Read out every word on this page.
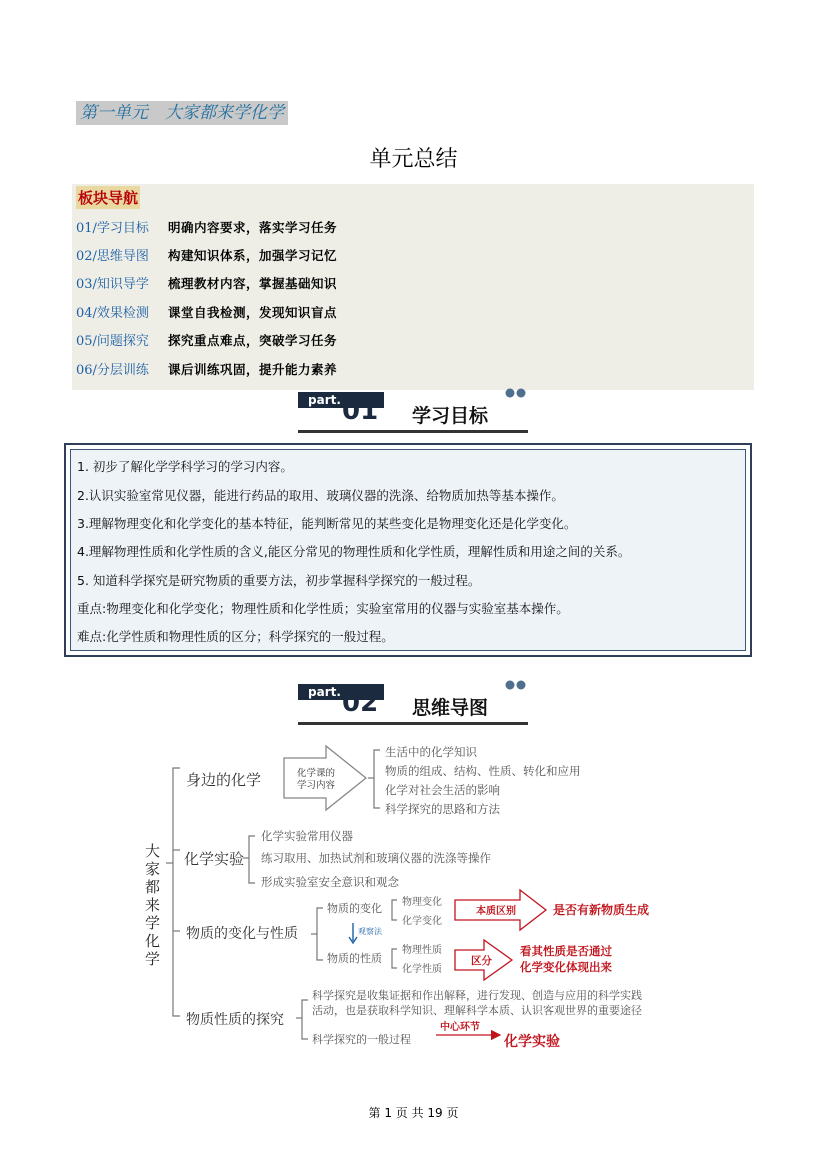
第一单元　大家都来学化学
单元总结
板块导航
01/学习目标 明确内容要求，落实学习任务
02/思维导图 构建知识体系，加强学习记忆
03/知识导学 梳理教材内容，掌握基础知识
04/效果检测 课堂自我检测，发现知识盲点
05/问题探究 探究重点难点，突破学习任务
06/分层训练 课后训练巩固，提升能力素养
part. 01 学习目标
1. 初步了解化学学科学习的学习内容。
2.认识实验室常见仪器，能进行药品的取用、玻璃仪器的洗涤、给物质加热等基本操作。
3.理解物理变化和化学变化的基本特征，能判断常见的某些变化是物理变化还是化学变化。
4.理解物理性质和化学性质的含义,能区分常见的物理性质和化学性质，理解性质和用途之间的关系。
5. 知道科学探究是研究物质的重要方法，初步掌握科学探究的一般过程。
重点:物理变化和化学变化；物理性质和化学性质；实验室常用的仪器与实验室基本操作。
难点:化学性质和物理性质的区分；科学探究的一般过程。
part. 02 思维导图
大
家
都
来
学
化
学
身边的化学	化学课的
学习内容
生活中的化学知识
物质的组成、结构、性质、转化和应用
化学对社会生活的影响
科学探究的思路和方法
化学实验
化学实验常用仪器
练习取用、加热试剂和玻璃仪器的洗涤等操作
形成实验室安全意识和观念
物质的变化与性质
物质的变化 物理变化
化学变化
本质区别	是否有新物质生成
观察法
物质的性质
物理性质
化学性质
区分
看其性质是否通过
化学变化体现出来
物质性质的探究
科学探究是收集证据和作出解释，进行发现、创造与应用的科学实践
活动，也是获取科学知识、理解科学本质、认识客观世界的重要途径
科学探究的一般过程
中心环节
化学实验
第 1 页 共 19 页
